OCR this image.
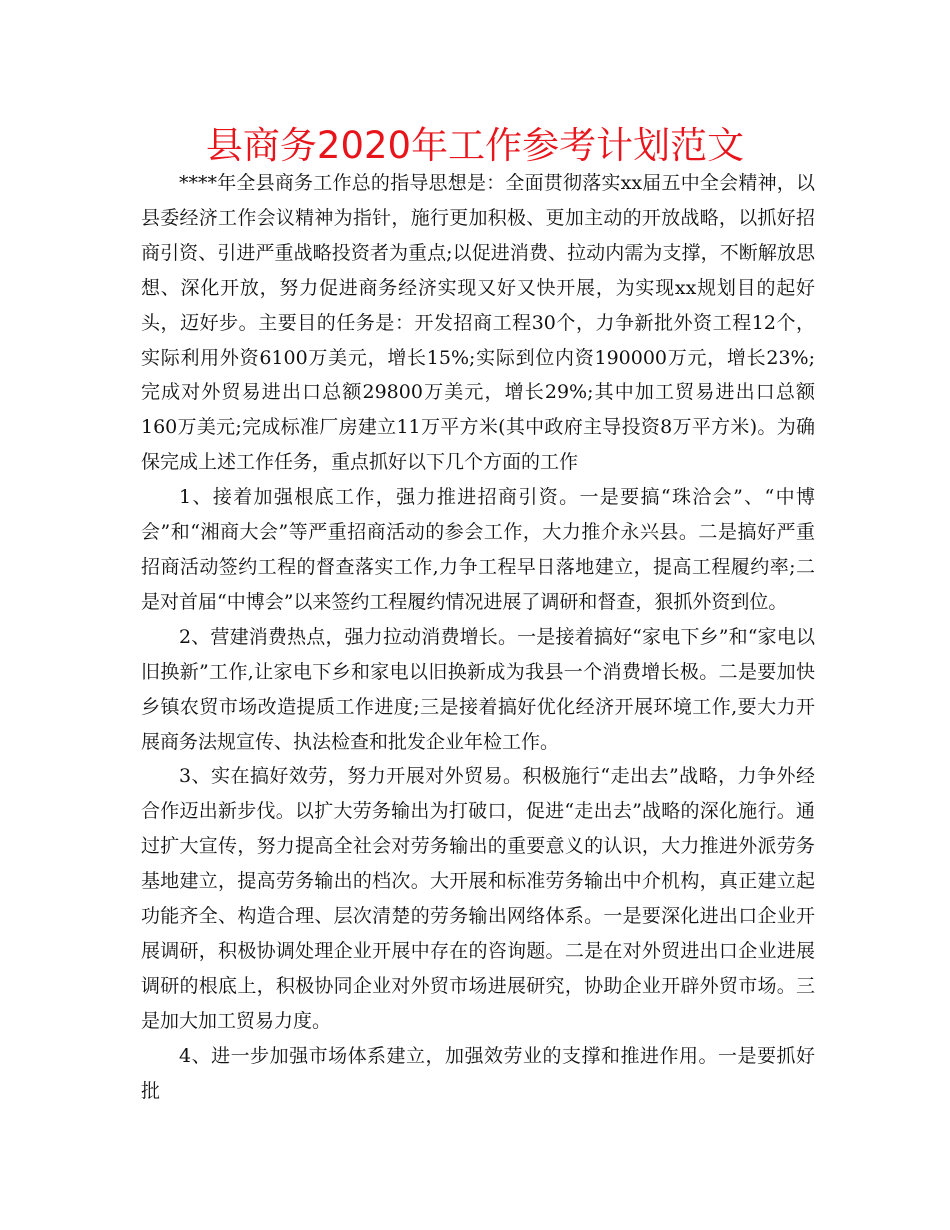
县商务2020年工作参考计划范文

****年全县商务工作总的指导思想是：全面贯彻落实xx届五中全会精神，以县委经济工作会议精神为指针，施行更加积极、更加主动的开放战略，以抓好招商引资、引进严重战略投资者为重点;以促进消费、拉动内需为支撑，不断解放思想、深化开放，努力促进商务经济实现又好又快开展，为实现xx规划目的起好头，迈好步。主要目的任务是：开发招商工程30个，力争新批外资工程12个，实际利用外资6100万美元，增长15%;实际到位内资190000万元，增长23%;完成对外贸易进出口总额29800万美元，增长29%;其中加工贸易进出口总额160万美元;完成标准厂房建立11万平方米(其中政府主导投资8万平方米)。为确保完成上述工作任务，重点抓好以下几个方面的工作

1、接着加强根底工作，强力推进招商引资。一是要搞“珠洽会”、“中博会”和“湘商大会”等严重招商活动的参会工作，大力推介永兴县。二是搞好严重招商活动签约工程的督查落实工作,力争工程早日落地建立，提高工程履约率;二是对首届“中博会”以来签约工程履约情况进展了调研和督查，狠抓外资到位。

2、营建消费热点，强力拉动消费增长。一是接着搞好“家电下乡”和“家电以旧换新”工作,让家电下乡和家电以旧换新成为我县一个消费增长极。二是要加快乡镇农贸市场改造提质工作进度;三是接着搞好优化经济开展环境工作,要大力开展商务法规宣传、执法检查和批发企业年检工作。

3、实在搞好效劳，努力开展对外贸易。积极施行“走出去”战略，力争外经合作迈出新步伐。以扩大劳务输出为打破口，促进“走出去”战略的深化施行。通过扩大宣传，努力提高全社会对劳务输出的重要意义的认识，大力推进外派劳务基地建立，提高劳务输出的档次。大开展和标准劳务输出中介机构，真正建立起功能齐全、构造合理、层次清楚的劳务输出网络体系。一是要深化进出口企业开展调研，积极协调处理企业开展中存在的咨询题。二是在对外贸进出口企业进展调研的根底上，积极协同企业对外贸市场进展研究，协助企业开辟外贸市场。三是加大加工贸易力度。

4、进一步加强市场体系建立，加强效劳业的支撑和推进作用。一是要抓好批
